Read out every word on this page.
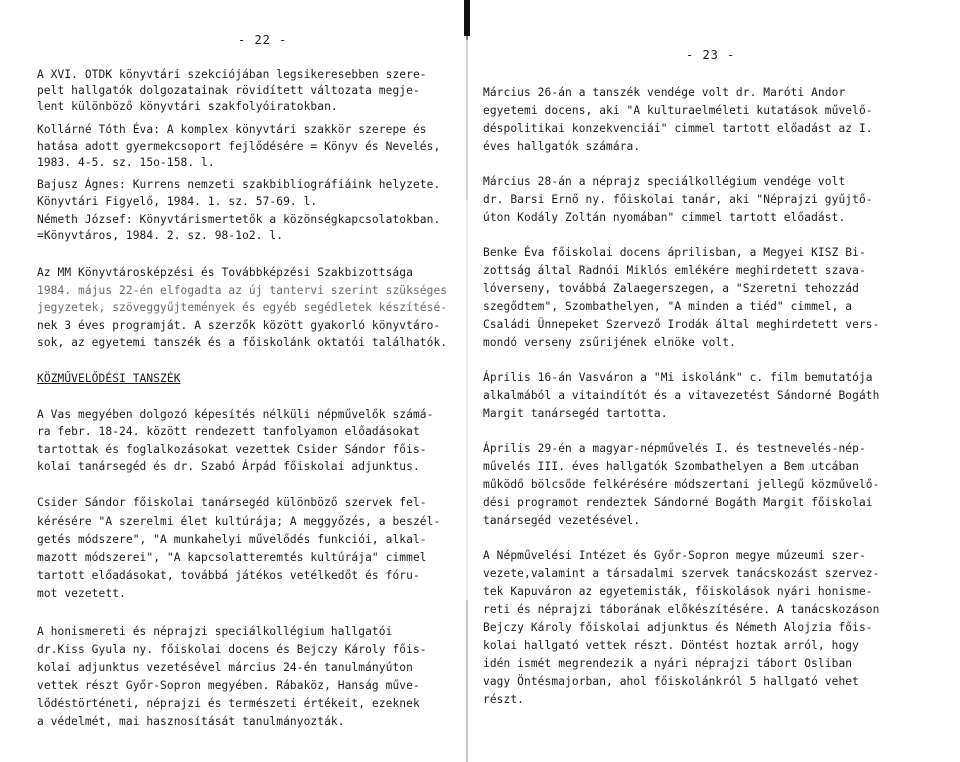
- 22 -
A XVI. OTDK könyvtári szekciójában legsikeresebben szere-
pelt hallgatók dolgozatainak rövidített változata megje-
lent különböző könyvtári szakfolyóiratokban.
Kollárné Tóth Éva: A komplex könyvtári szakkör szerepe és
hatása adott gyermekcsoport fejlődésére = Könyv és Nevelés,
1983. 4-5. sz. 15o-158. l.
Bajusz Ágnes: Kurrens nemzeti szakbibliográfiáink helyzete.
Könyvtári Figyelő, 1984. 1. sz. 57-69. l.
Németh József: Könyvtárismertetők a közönségkapcsolatokban.
=Könyvtáros, 1984. 2. sz. 98-1o2. l.
Az MM Könyvtárosképzési és Továbbképzési Szakbizottsága
1984. május 22-én elfogadta az új tantervi szerint szükséges
jegyzetek, szöveggyűjtemények és egyéb segédletek készítésé-
nek 3 éves programját. A szerzők között gyakorló könyvtáro-
sok, az egyetemi tanszék és a főiskolánk oktatói találhatók.
KÖZMŰVELŐDÉSI TANSZÉK
A Vas megyében dolgozó képesítés nélküli népművelők számá-
ra febr. 18-24. között rendezett tanfolyamon előadásokat
tartottak és foglalkozásokat vezettek Csider Sándor főis-
kolai tanársegéd és dr. Szabó Árpád főiskolai adjunktus.
Csider Sándor főiskolai tanársegéd különböző szervek fel-
kérésére "A szerelmi élet kultúrája; A meggyőzés, a beszél-
getés módszere", "A munkahelyi művelődés funkciói, alkal-
mazott módszerei", "A kapcsolatteremtés kultúrája" cimmel
tartott előadásokat, továbbá játékos vetélkedőt és fóru-
mot vezetett.
A honismereti és néprajzi speciálkollégium hallgatói
dr.Kiss Gyula ny. főiskolai docens és Bejczy Károly főis-
kolai adjunktus vezetésével március 24-én tanulmányúton
vettek részt Győr-Sopron megyében. Rábaköz, Hanság műve-
lődéstörténeti, néprajzi és természeti értékeit, ezeknek
a védelmét, mai hasznosítását tanulmányozták.
- 23 -
Március 26-án a tanszék vendége volt dr. Maróti Andor
egyetemi docens, aki "A kulturaelméleti kutatások művelő-
déspolitikai konzekvenciái" cimmel tartott előadást az I.
éves hallgatók számára.
Március 28-án a néprajz speciálkollégium vendége volt
dr. Barsi Ernő ny. főiskolai tanár, aki "Néprajzi gyűjtő-
úton Kodály Zoltán nyomában" cimmel tartott előadást.
Benke Éva főiskolai docens áprilisban, a Megyei KISZ Bi-
zottság által Radnói Miklós emlékére meghirdetett szava-
lóverseny, továbbá Zalaegerszegen, a "Szeretni tehozzád
szegődtem", Szombathelyen, "A minden a tiéd" cimmel, a
Családi Ünnepeket Szervező Irodák által meghirdetett vers-
mondó verseny zsűrijének elnöke volt.
Április 16-án Vasváron a "Mi iskolánk" c. film bemutatója
alkalmából a vitaindítót és a vitavezetést Sándorné Bogáth
Margit tanársegéd tartotta.
Április 29-én a magyar-népművelés I. és testnevelés-nép-
művelés III. éves hallgatók Szombathelyen a Bem utcában
működő bölcsőde felkérésére módszertani jellegű közművelő-
dési programot rendeztek Sándorné Bogáth Margit főiskolai
tanársegéd vezetésével.
A Népművelési Intézet és Győr-Sopron megye múzeumi szer-
vezete,valamint a társadalmi szervek tanácskozást szervez-
tek Kapuváron az egyetemisták, főiskolások nyári honisme-
reti és néprajzi táborának előkészítésére. A tanácskozáson
Bejczy Károly főiskolai adjunktus és Németh Alojzia főis-
kolai hallgató vettek részt. Döntést hoztak arról, hogy
idén ismét megrendezik a nyári néprajzi tábort Osliban
vagy Öntésmajorban, ahol főiskolánkról 5 hallgató vehet
részt.
